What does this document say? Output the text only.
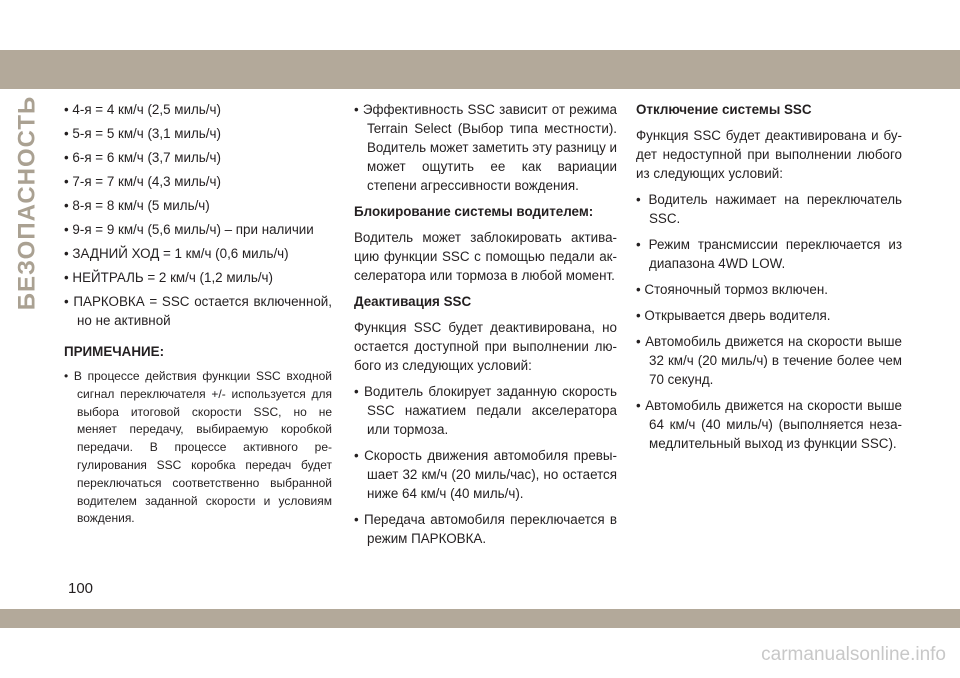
БЕЗОПАСНОСТЬ • 4-я = 4 км/ч (2,5 миль/ч)
• 5-я = 5 км/ч (3,1 миль/ч)
• 6-я = 6 км/ч (3,7 миль/ч)
• 7-я = 7 км/ч (4,3 миль/ч)
• 8-я = 8 км/ч (5 миль/ч)
• 9-я = 9 км/ч (5,6 миль/ч) – при наличии
• ЗАДНИЙ ХОД = 1 км/ч (0,6 миль/ч)
• НЕЙТРАЛЬ = 2 км/ч (1,2 миль/ч)
• ПАРКОВКА = SSC остается включенной, но не активной
ПРИМЕЧАНИЕ:
• В процессе действия функции SSC входной сигнал переключателя +/- используется для выбора итоговой скорости SSC, но не меняет передачу, выбираемую коробкой передачи. В процессе активного регулирования SSC коробка передач будет переключаться соответственно выбранной водителем заданной скорости и условиям вождения.
• Эффективность SSC зависит от режима Terrain Select (Выбор типа местности). Водитель может заметить эту разницу и может ощутить ее как вариации степени агрессивности вождения.
Блокирование системы водителем:
Водитель может заблокировать активацию функции SSC с помощью педали акселератора или тормоза в любой момент.
Деактивация SSC
Функция SSC будет деактивирована, но остается доступной при выполнении любого из следующих условий:
• Водитель блокирует заданную скорость SSC нажатием педали акселератора или тормоза.
• Скорость движения автомобиля превышает 32 км/ч (20 миль/час), но остается ниже 64 км/ч (40 миль/ч).
• Передача автомобиля переключается в режим ПАРКОВКА.
Отключение системы SSC
Функция SSC будет деактивирована и будет недоступной при выполнении любого из следующих условий:
• Водитель нажимает на переключатель SSC.
• Режим трансмиссии переключается из диапазона 4WD LOW.
• Стояночный тормоз включен.
• Открывается дверь водителя.
• Автомобиль движется на скорости выше 32 км/ч (20 миль/ч) в течение более чем 70 секунд.
• Автомобиль движется на скорости выше 64 км/ч (40 миль/ч) (выполняется незамедлительный выход из функции SSC).
100
carmanualsonline.info
